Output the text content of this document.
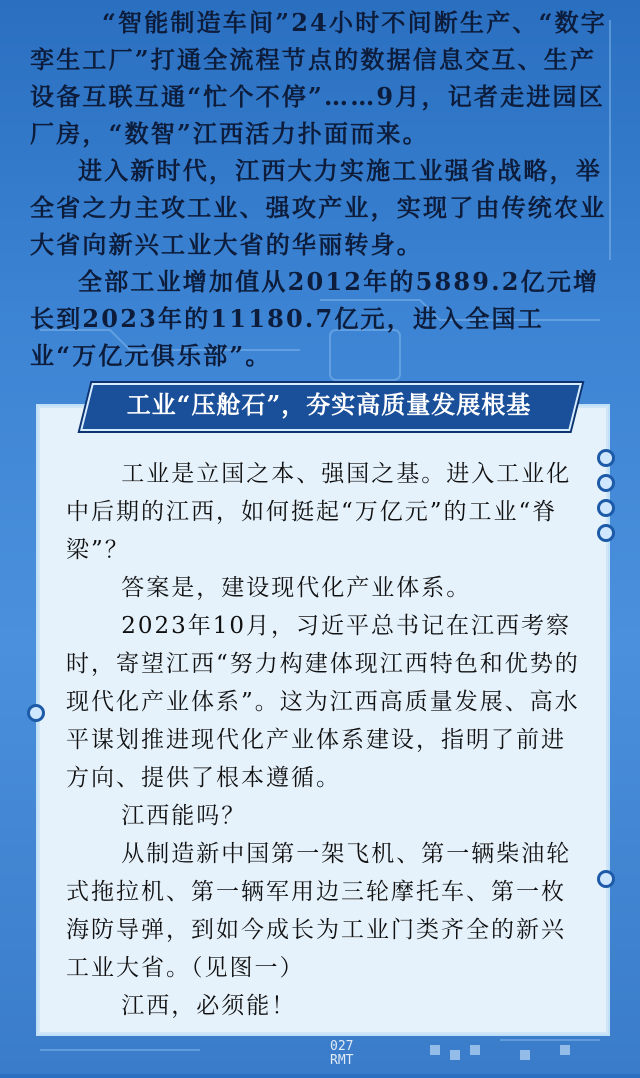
“智能制造车间”24小时不间断生产、“数字孪生工厂”打通全流程节点的数据信息交互、生产设备互联互通“忙个不停”……9月，记者走进园区厂房，“数智”江西活力扑面而来。

进入新时代，江西大力实施工业强省战略，举全省之力主攻工业、强攻产业，实现了由传统农业大省向新兴工业大省的华丽转身。

全部工业增加值从2012年的5889.2亿元增长到2023年的11180.7亿元，进入全国工业“万亿元俱乐部”。

工业“压舱石”，夯实高质量发展根基

工业是立国之本、强国之基。进入工业化中后期的江西，如何挺起“万亿元”的工业“脊梁”？

答案是，建设现代化产业体系。

2023年10月，习近平总书记在江西考察时，寄望江西“努力构建体现江西特色和优势的现代化产业体系”。这为江西高质量发展、高水平谋划推进现代化产业体系建设，指明了前进方向、提供了根本遵循。

江西能吗？

从制造新中国第一架飞机、第一辆柴油轮式拖拉机、第一辆军用边三轮摩托车、第一枚海防导弹，到如今成长为工业门类齐全的新兴工业大省。（见图一）

江西，必须能！

027
RMT
